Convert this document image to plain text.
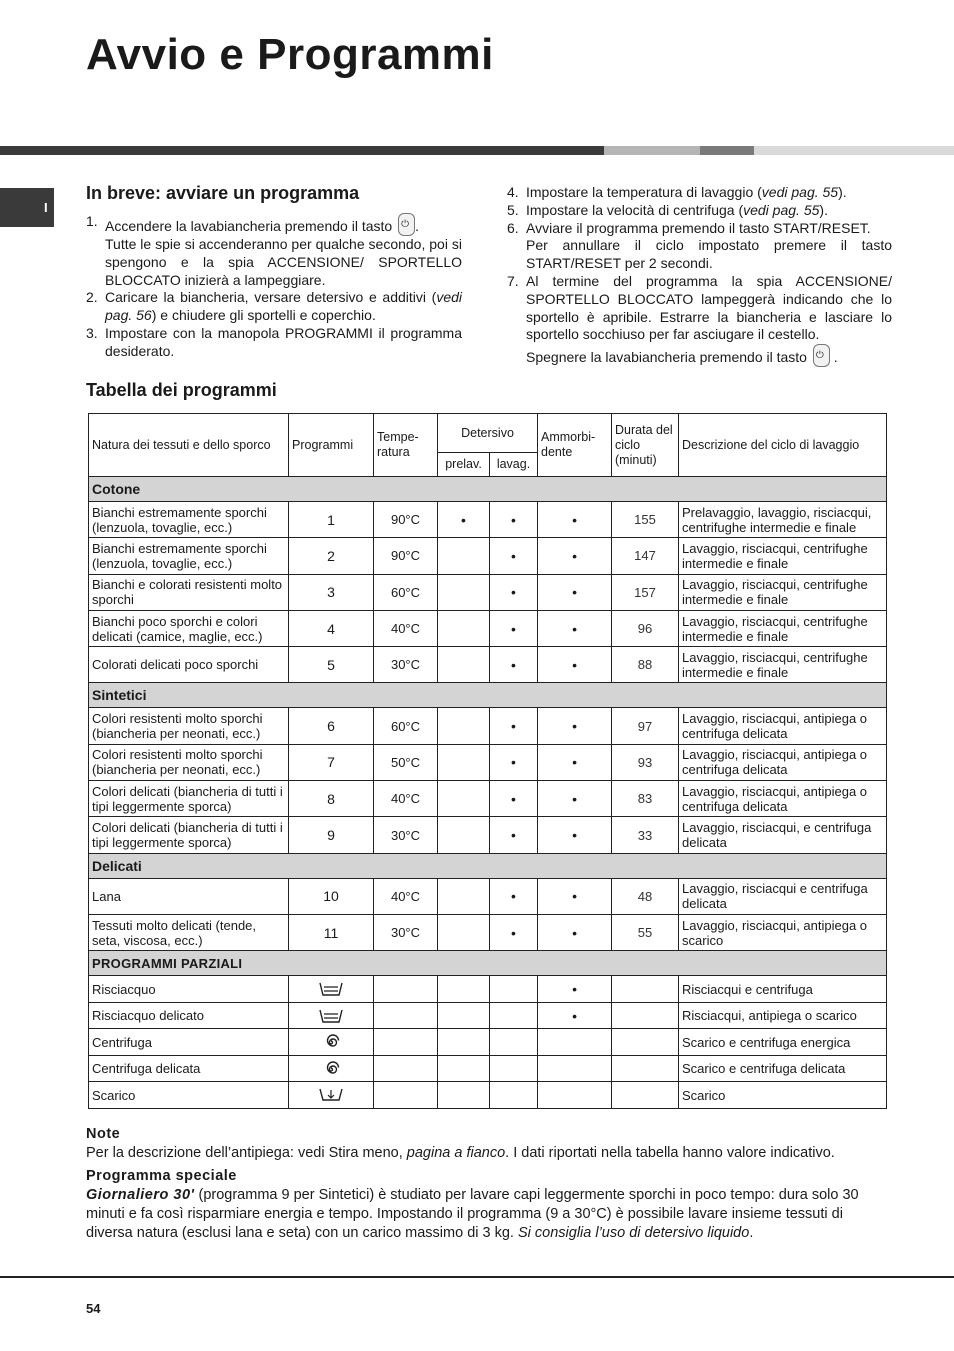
Avvio e Programmi
I
In breve: avviare un programma
1. Accendere la lavabiancheria premendo il tasto ⏻ .
Tutte le spie si accenderanno per qualche secondo, poi si spengono e la spia ACCENSIONE/ SPORTELLO BLOCCATO inizierà a lampeggiare.
2. Caricare la biancheria, versare detersivo e additivi (vedi pag. 56) e chiudere gli sportelli e coperchio.
3. Impostare con la manopola PROGRAMMI il programma desiderato.
4. Impostare la temperatura di lavaggio (vedi pag. 55).
5. Impostare la velocità di centrifuga (vedi pag. 55).
6. Avviare il programma premendo il tasto START/RESET.
Per annullare il ciclo impostato premere il tasto START/RESET per 2 secondi.
7. Al termine del programma la spia ACCENSIONE/ SPORTELLO BLOCCATO lampeggerà indicando che lo sportello è apribile. Estrarre la biancheria e lasciare lo sportello socchiuso per far asciugare il cestello.
Spegnere la lavabiancheria premendo il tasto ⏻ .
Tabella dei programmi
Natura dei tessuti e dello sporco	Programmi	Tempe- ratura	Detersivo		Ammorbi- dente	Durata del ciclo (minuti)	Descrizione del ciclo di lavaggio
			prelav.	lavag.			
Cotone							
Bianchi estremamente sporchi (lenzuola, tovaglie, ecc.)	1	90°C	•	•	•	155	Prelavaggio, lavaggio, risciacqui, centrifughe intermedie e finale
Bianchi estremamente sporchi (lenzuola, tovaglie, ecc.)	2	90°C		•	•	147	Lavaggio, risciacqui, centrifughe intermedie e finale
Bianchi e colorati resistenti molto sporchi	3	60°C		•	•	157	Lavaggio, risciacqui, centrifughe intermedie e finale
Bianchi poco sporchi e colori delicati (camice, maglie, ecc.)	4	40°C		•	•	96	Lavaggio, risciacqui, centrifughe intermedie e finale
Colorati delicati poco sporchi	5	30°C		•	•	88	Lavaggio, risciacqui, centrifughe intermedie e finale
Sintetici							
Colori resistenti molto sporchi (biancheria per neonati, ecc.)	6	60°C		•	•	97	Lavaggio, risciacqui, antipiega o centrifuga delicata
Colori resistenti molto sporchi (biancheria per neonati, ecc.)	7	50°C		•	•	93	Lavaggio, risciacqui, antipiega o centrifuga delicata
Colori delicati (biancheria di tutti i tipi leggermente sporca)	8	40°C		•	•	83	Lavaggio, risciacqui, antipiega o centrifuga delicata
Colori delicati (biancheria di tutti i tipi leggermente sporca)	9	30°C		•	•	33	Lavaggio, risciacqui, e centrifuga delicata
Delicati							
Lana	10	40°C		•	•	48	Lavaggio, risciacqui e centrifuga delicata
Tessuti molto delicati (tende, seta, viscosa, ecc.)	11	30°C		•	•	55	Lavaggio, risciacqui, antipiega o scarico
PROGRAMMI PARZIALI							
Risciacquo					•		Risciacqui e centrifuga
Risciacquo delicato					•		Risciacqui, antipiega o scarico
Centrifuga							Scarico e centrifuga energica
Centrifuga delicata							Scarico e centrifuga delicata
Scarico							Scarico
Note
Per la descrizione dell’antipiega: vedi Stira meno, pagina a fianco. I dati riportati nella tabella hanno valore indicativo.
Programma speciale
Giornaliero 30' (programma 9 per Sintetici) è studiato per lavare capi leggermente sporchi in poco tempo: dura solo 30 minuti e fa così risparmiare energia e tempo. Impostando il programma (9 a 30°C) è possibile lavare insieme tessuti di diversa natura (esclusi lana e seta) con un carico massimo di 3 kg. Si consiglia l’uso di detersivo liquido.
54
